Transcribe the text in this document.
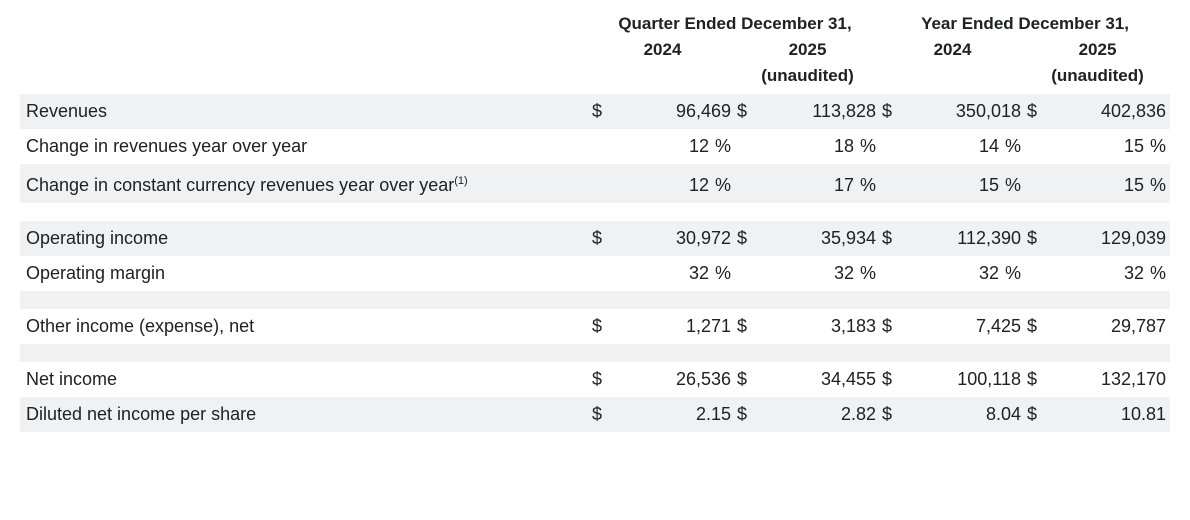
	Quarter Ended December 31,				Year Ended December 31,			
	2024		2025		2024		2025	
			(unaudited)				(unaudited)	
Revenues	$	96,469	$	113,828	$	350,018	$	402,836
Change in revenues year over year		12 %		18 %		14 %		15 %
Change in constant currency revenues year over year$^{(1)}$		12 %		17 %		15 %		15 %

Operating income	$	30,972	$	35,934	$	112,390	$	129,039
Operating margin		32 %		32 %		32 %		32 %

Other income (expense), net	$	1,271	$	3,183	$	7,425	$	29,787

Net income	$	26,536	$	34,455	$	100,118	$	132,170
Diluted net income per share	$	2.15	$	2.82	$	8.04	$	10.81
